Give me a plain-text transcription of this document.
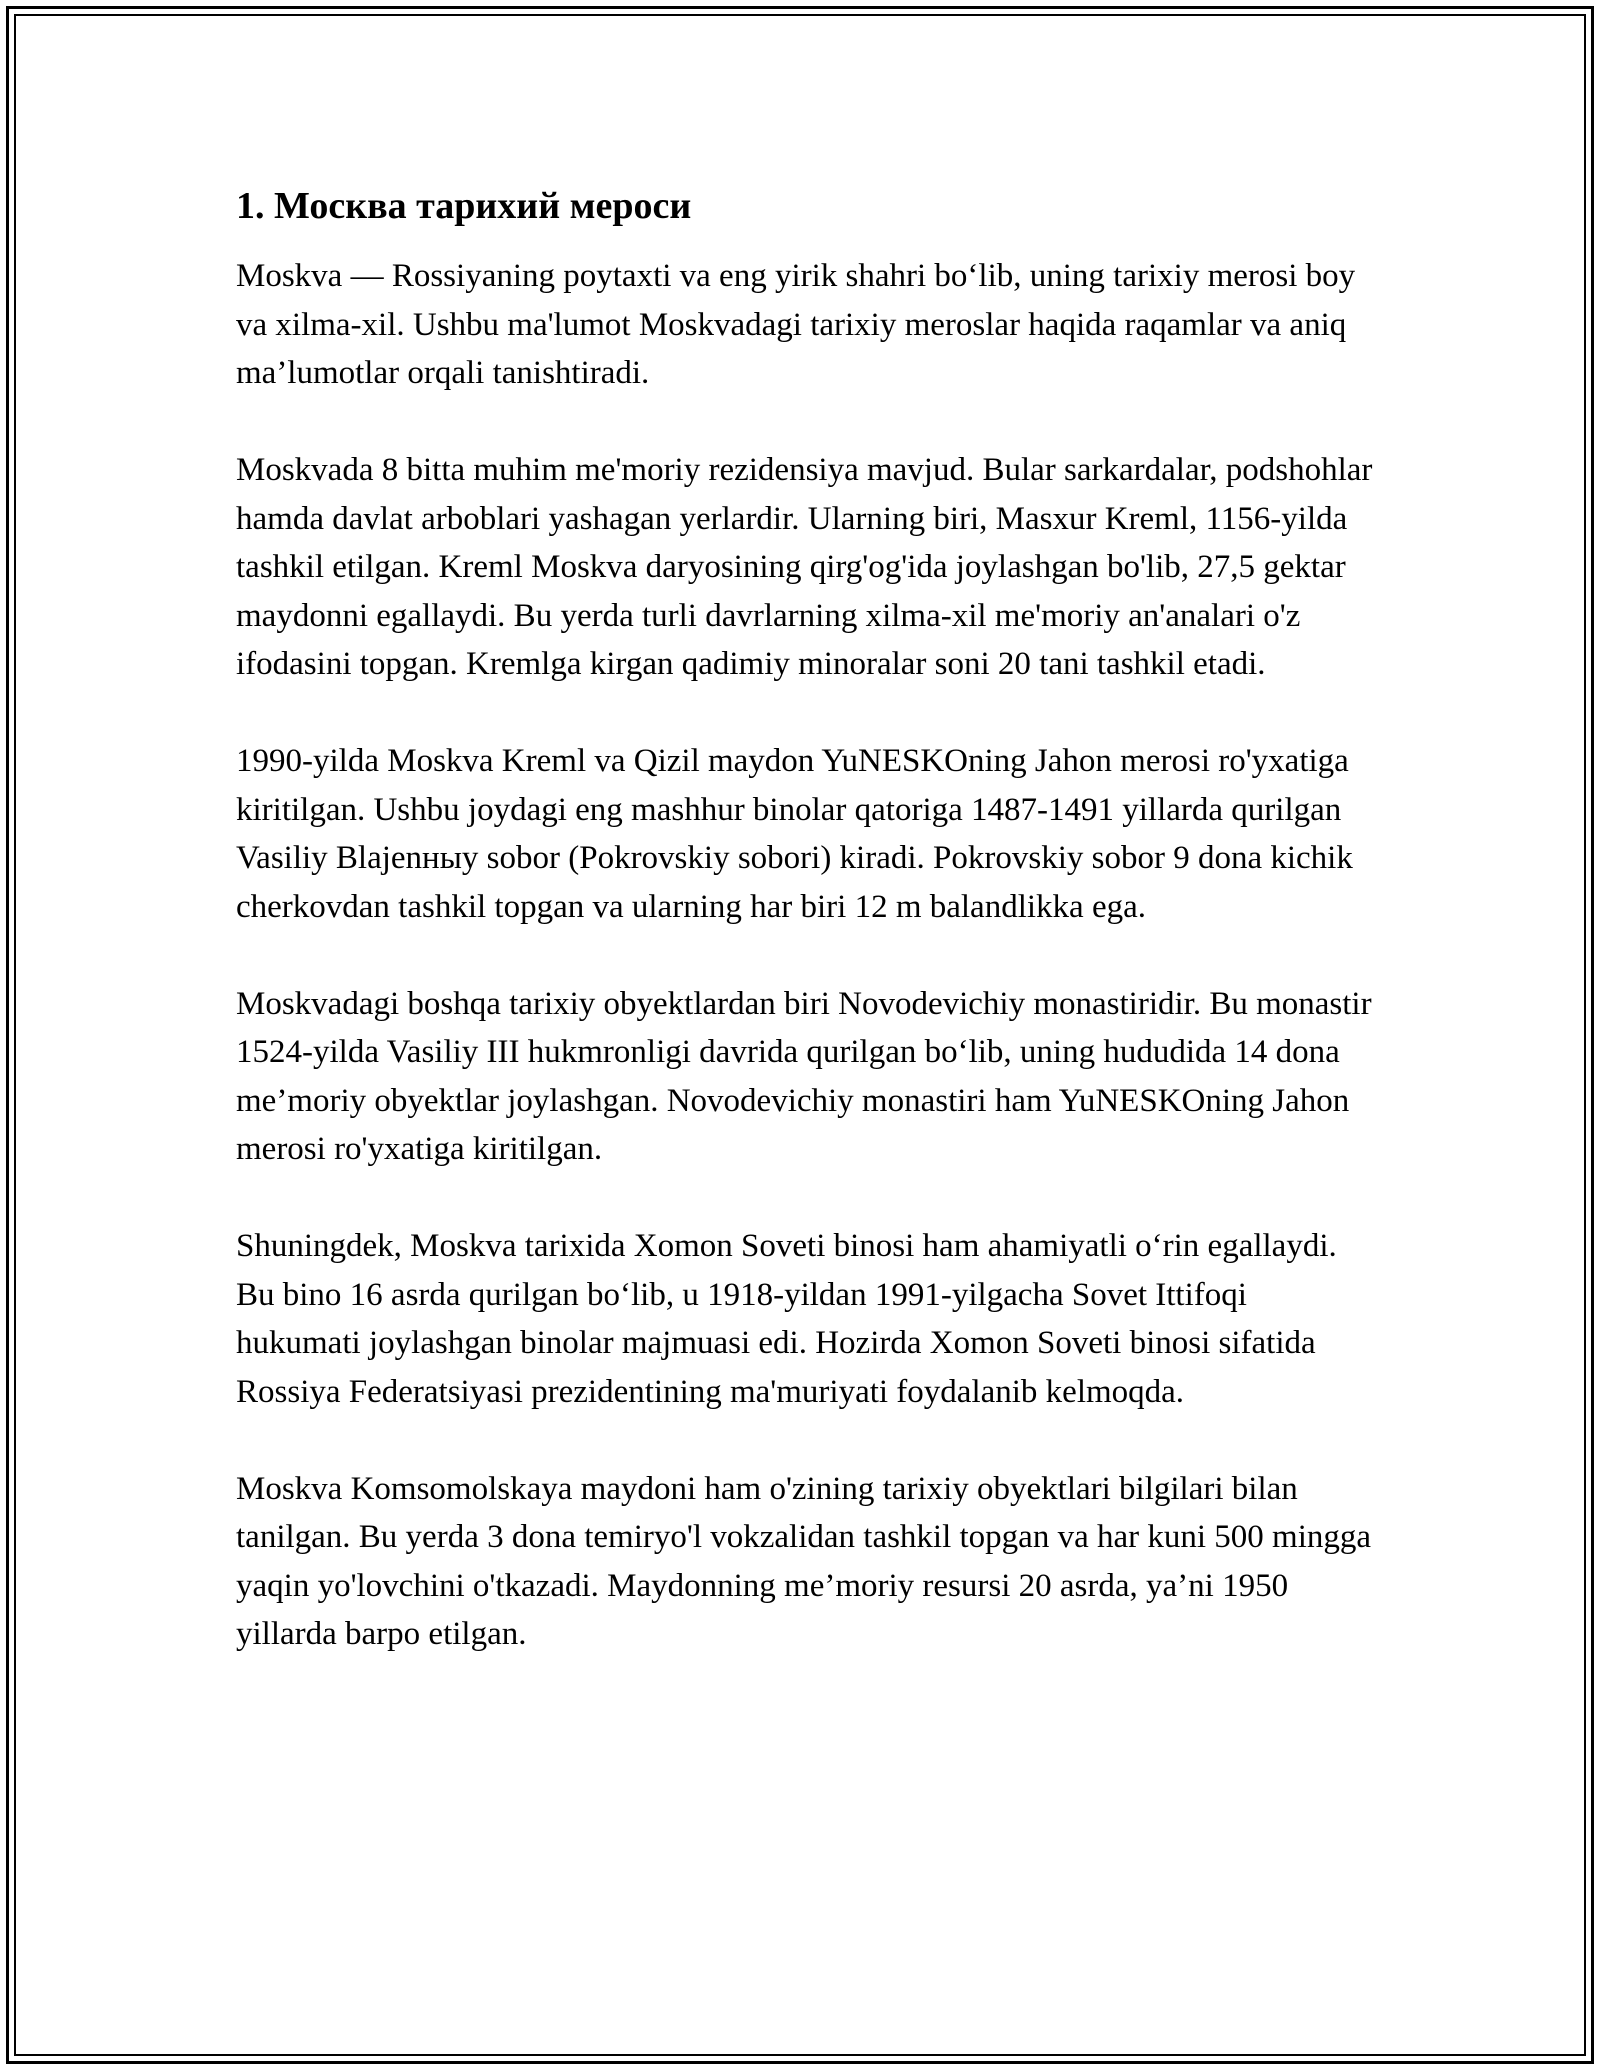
1. Москва тарихий мероси

Moskva — Rossiyaning poytaxti va eng yirik shahri bo‘lib, uning tarixiy merosi boy va xilma-xil. Ushbu ma'lumot Moskvadagi tarixiy meroslar haqida raqamlar va aniq ma’lumotlar orqali tanishtiradi.

Moskvada 8 bitta muhim me'moriy rezidensiya mavjud. Bular sarkardalar, podshohlar hamda davlat arboblari yashagan yerlardir. Ularning biri, Masxur Kreml, 1156-yilda tashkil etilgan. Kreml Moskva daryosining qirg'og'ida joylashgan bo'lib, 27,5 gektar maydonni egallaydi. Bu yerda turli davrlarning xilma-xil me'moriy an'analari o'z ifodasini topgan. Kremlga kirgan qadimiy minoralar soni 20 tani tashkil etadi.

1990-yilda Moskva Kreml va Qizil maydon YuNESKOning Jahon merosi ro'yxatiga kiritilgan. Ushbu joydagi eng mashhur binolar qatoriga 1487-1491 yillarda qurilgan Vasiliy Blajenныy sobor (Pokrovskiy sobori) kiradi. Pokrovskiy sobor 9 dona kichik cherkovdan tashkil topgan va ularning har biri 12 m balandlikka ega.

Moskvadagi boshqa tarixiy obyektlardan biri Novodevichiy monastiridir. Bu monastir 1524-yilda Vasiliy III hukmronligi davrida qurilgan bo‘lib, uning hududida 14 dona me’moriy obyektlar joylashgan. Novodevichiy monastiri ham YuNESKOning Jahon merosi ro'yxatiga kiritilgan.

Shuningdek, Moskva tarixida Xomon Soveti binosi ham ahamiyatli o‘rin egallaydi. Bu bino 16 asrda qurilgan bo‘lib, u 1918-yildan 1991-yilgacha Sovet Ittifoqi hukumati joylashgan binolar majmuasi edi. Hozirda Xomon Soveti binosi sifatida Rossiya Federatsiyasi prezidentining ma'muriyati foydalanib kelmoqda.

Moskva Komsomolskaya maydoni ham o'zining tarixiy obyektlari bilgilari bilan tanilgan. Bu yerda 3 dona temiryo'l vokzalidan tashkil topgan va har kuni 500 mingga yaqin yo'lovchini o'tkazadi. Maydonning me’moriy resursi 20 asrda, ya’ni 1950 yillarda barpo etilgan.
